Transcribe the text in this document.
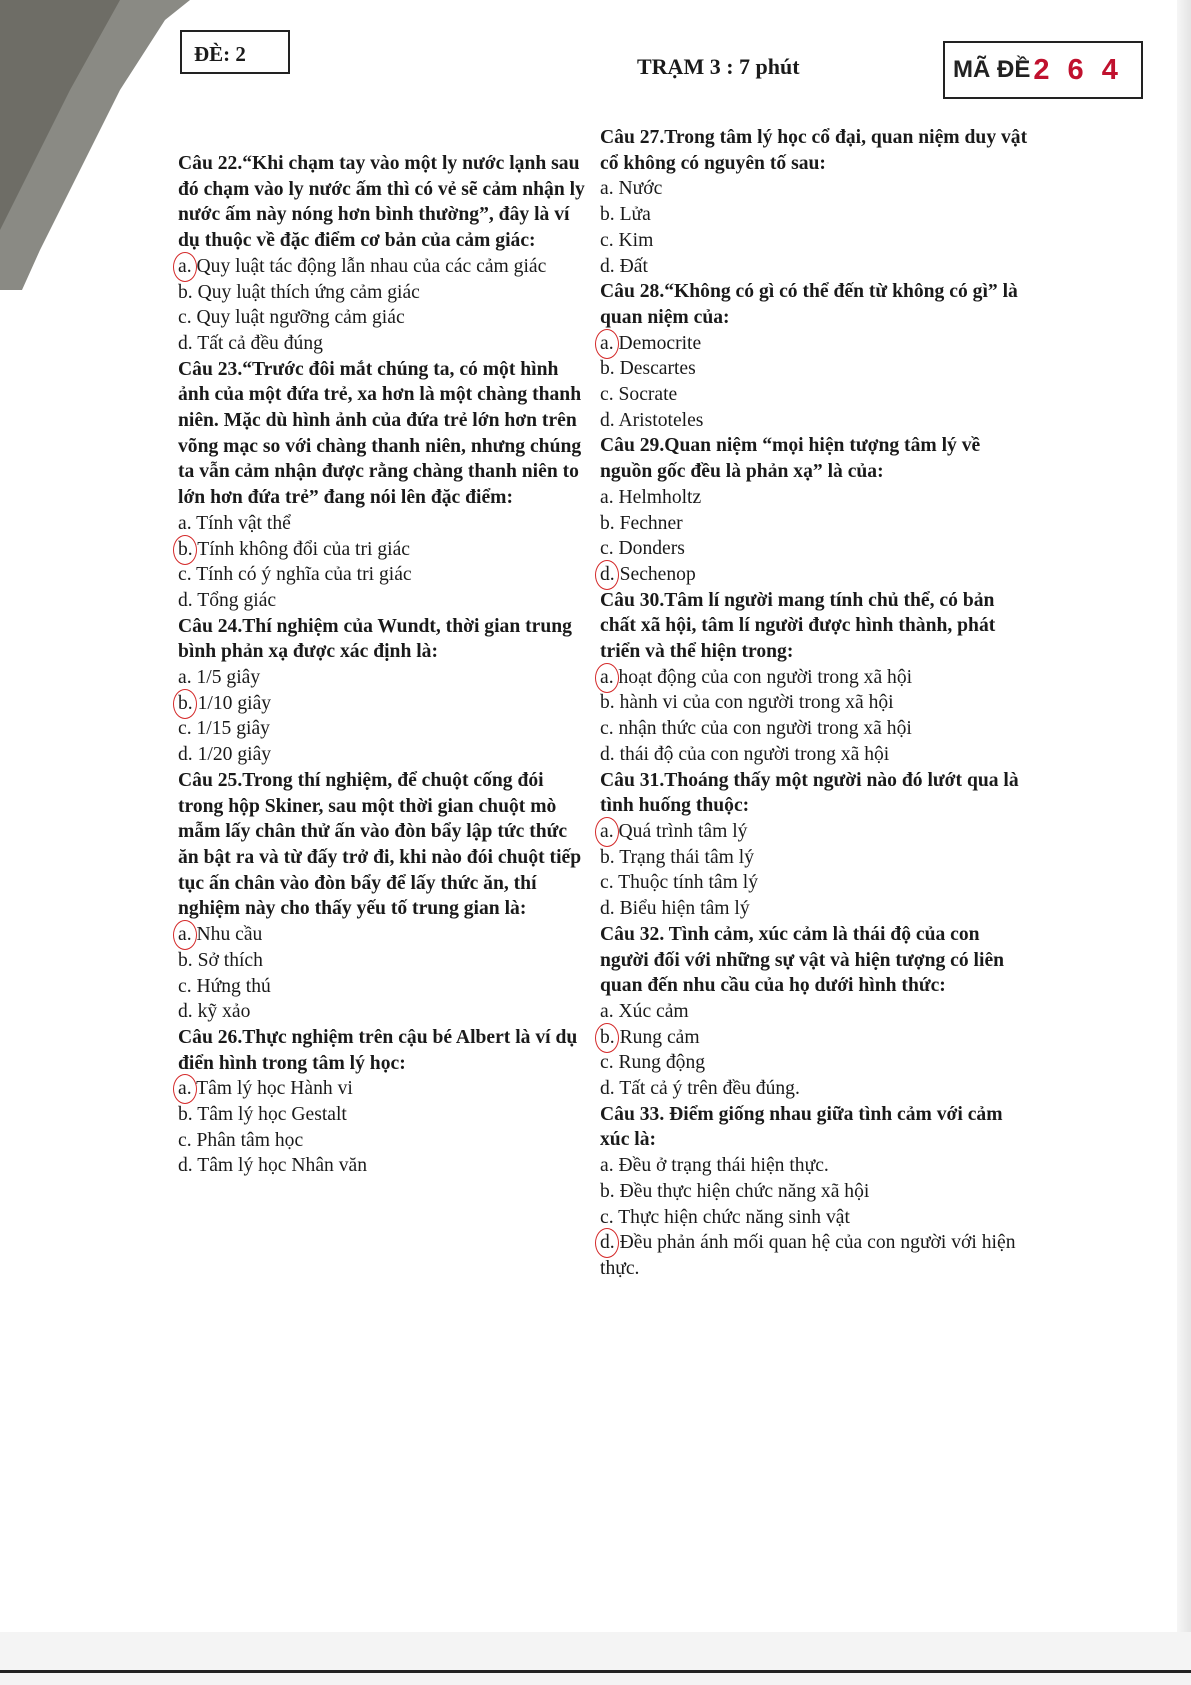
ĐÈ: 2	TRẠM 3 : 7 phút	MÃ ĐỀ 2 6 4
Câu 22.“Khi chạm tay vào một ly nước lạnh sau đó chạm vào ly nước ấm thì có vẻ sẽ cảm nhận ly nước ấm này nóng hơn bình thường”, đây là ví dụ thuộc về đặc điểm cơ bản của cảm giác:
a. Quy luật tác động lẫn nhau của các cảm giác
b. Quy luật thích ứng cảm giác
c. Quy luật ngưỡng cảm giác
d. Tất cả đều đúng
Câu 23.“Trước đôi mắt chúng ta, có một hình ảnh của một đứa trẻ, xa hơn là một chàng thanh niên. Mặc dù hình ảnh của đứa trẻ lớn hơn trên võng mạc so với chàng thanh niên, nhưng chúng ta vẫn cảm nhận được rằng chàng thanh niên to lớn hơn đứa trẻ” đang nói lên đặc điểm:
a. Tính vật thể
b. Tính không đổi của tri giác
c. Tính có ý nghĩa của tri giác
d. Tổng giác
Câu 24.Thí nghiệm của Wundt, thời gian trung bình phản xạ được xác định là:
a. 1/5 giây
b. 1/10 giây
c. 1/15 giây
d. 1/20 giây
Câu 25.Trong thí nghiệm, để chuột cống đói trong hộp Skiner, sau một thời gian chuột mò mẫm lấy chân thử ấn vào đòn bẩy lập tức thức ăn bật ra và từ đấy trở đi, khi nào đói chuột tiếp tục ấn chân vào đòn bẩy để lấy thức ăn, thí nghiệm này cho thấy yếu tố trung gian là:
a. Nhu cầu
b. Sở thích
c. Hứng thú
d. kỹ xảo
Câu 26.Thực nghiệm trên cậu bé Albert là ví dụ điển hình trong tâm lý học:
a. Tâm lý học Hành vi
b. Tâm lý học Gestalt
c. Phân tâm học
d. Tâm lý học Nhân văn
Câu 27.Trong tâm lý học cổ đại, quan niệm duy vật cổ không có nguyên tố sau:
a. Nước
b. Lửa
c. Kim
d. Đất
Câu 28.“Không có gì có thể đến từ không có gì” là quan niệm của:
a. Democrite
b. Descartes
c. Socrate
d. Aristoteles
Câu 29.Quan niệm “mọi hiện tượng tâm lý về nguồn gốc đều là phản xạ” là của:
a. Helmholtz
b. Fechner
c. Donders
d. Sechenop
Câu 30.Tâm lí người mang tính chủ thể, có bản chất xã hội, tâm lí người được hình thành, phát triển và thể hiện trong:
a. hoạt động của con người trong xã hội
b. hành vi của con người trong xã hội
c. nhận thức của con người trong xã hội
d. thái độ của con người trong xã hội
Câu 31.Thoáng thấy một người nào đó lướt qua là tình huống thuộc:
a. Quá trình tâm lý
b. Trạng thái tâm lý
c. Thuộc tính tâm lý
d. Biểu hiện tâm lý
Câu 32. Tình cảm, xúc cảm là thái độ của con người đối với những sự vật và hiện tượng có liên quan đến nhu cầu của họ dưới hình thức:
a. Xúc cảm
b. Rung cảm
c. Rung động
d. Tất cả ý trên đều đúng.
Câu 33. Điểm giống nhau giữa tình cảm với cảm xúc là:
a. Đều ở trạng thái hiện thực.
b. Đều thực hiện chức năng xã hội
c. Thực hiện chức năng sinh vật
d. Đều phản ánh mối quan hệ của con người với hiện thực.
